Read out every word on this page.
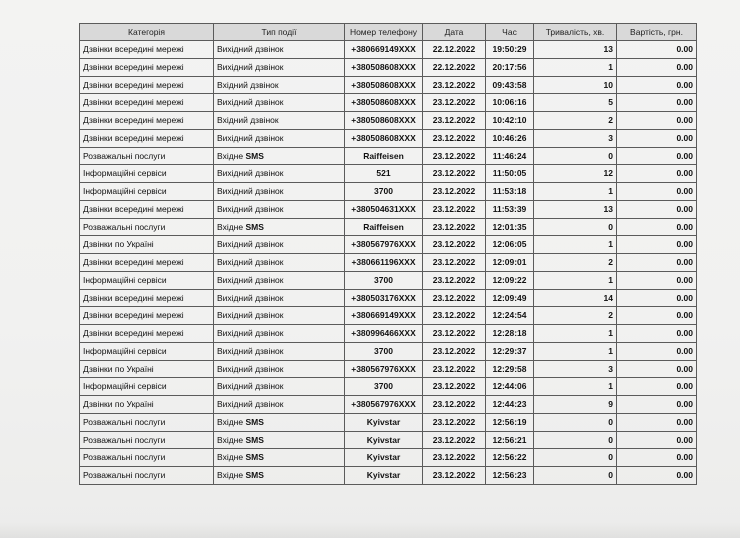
Категорія	Тип події	Номер телефону	Дата	Час	Тривалість, хв.	Вартість, грн.
Дзвінки всередині мережі	Вихідний дзвінок	+380669149XXX	22.12.2022	19:50:29	13	0.00
Дзвінки всередині мережі	Вихідний дзвінок	+380508608XXX	22.12.2022	20:17:56	1	0.00
Дзвінки всередині мережі	Вхідний дзвінок	+380508608XXX	23.12.2022	09:43:58	10	0.00
Дзвінки всередині мережі	Вихідний дзвінок	+380508608XXX	23.12.2022	10:06:16	5	0.00
Дзвінки всередині мережі	Вхідний дзвінок	+380508608XXX	23.12.2022	10:42:10	2	0.00
Дзвінки всередині мережі	Вихідний дзвінок	+380508608XXX	23.12.2022	10:46:26	3	0.00
Розважальні послуги	Вхідне SMS	Raiffeisen	23.12.2022	11:46:24	0	0.00
Інформаційні сервіси	Вихідний дзвінок	521	23.12.2022	11:50:05	12	0.00
Інформаційні сервіси	Вихідний дзвінок	3700	23.12.2022	11:53:18	1	0.00
Дзвінки всередині мережі	Вихідний дзвінок	+380504631XXX	23.12.2022	11:53:39	13	0.00
Розважальні послуги	Вхідне SMS	Raiffeisen	23.12.2022	12:01:35	0	0.00
Дзвінки по Україні	Вихідний дзвінок	+380567976XXX	23.12.2022	12:06:05	1	0.00
Дзвінки всередині мережі	Вихідний дзвінок	+380661196XXX	23.12.2022	12:09:01	2	0.00
Інформаційні сервіси	Вихідний дзвінок	3700	23.12.2022	12:09:22	1	0.00
Дзвінки всередині мережі	Вихідний дзвінок	+380503176XXX	23.12.2022	12:09:49	14	0.00
Дзвінки всередині мережі	Вихідний дзвінок	+380669149XXX	23.12.2022	12:24:54	2	0.00
Дзвінки всередині мережі	Вихідний дзвінок	+380996466XXX	23.12.2022	12:28:18	1	0.00
Інформаційні сервіси	Вихідний дзвінок	3700	23.12.2022	12:29:37	1	0.00
Дзвінки по Україні	Вихідний дзвінок	+380567976XXX	23.12.2022	12:29:58	3	0.00
Інформаційні сервіси	Вихідний дзвінок	3700	23.12.2022	12:44:06	1	0.00
Дзвінки по Україні	Вихідний дзвінок	+380567976XXX	23.12.2022	12:44:23	9	0.00
Розважальні послуги	Вхідне SMS	Kyivstar	23.12.2022	12:56:19	0	0.00
Розважальні послуги	Вхідне SMS	Kyivstar	23.12.2022	12:56:21	0	0.00
Розважальні послуги	Вхідне SMS	Kyivstar	23.12.2022	12:56:22	0	0.00
Розважальні послуги	Вхідне SMS	Kyivstar	23.12.2022	12:56:23	0	0.00
